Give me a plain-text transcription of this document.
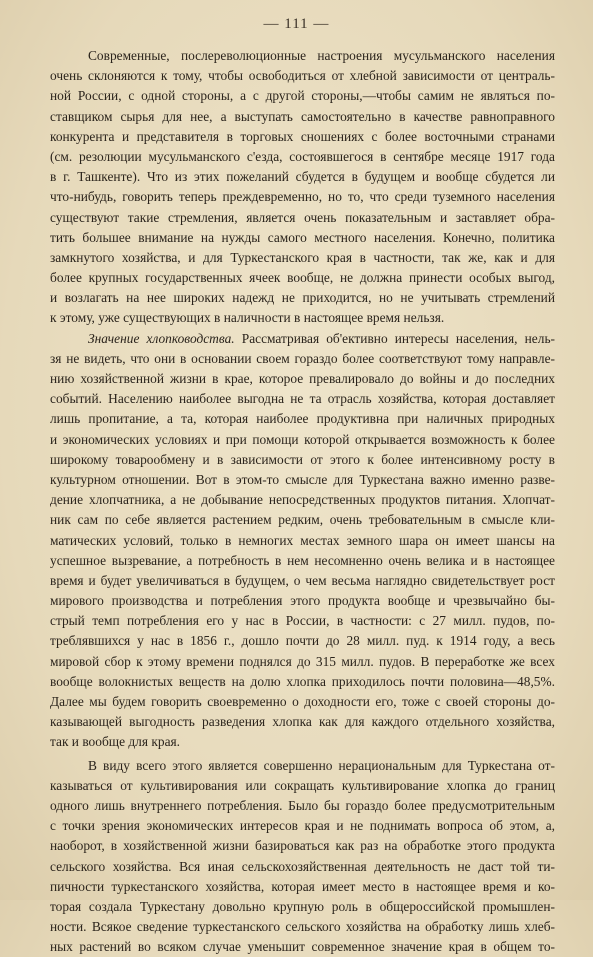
— 111 —
Современные, послереволюционные настроения мусульманского населения
очень склоняются к тому, чтобы освободиться от хлебной зависимости от централь-
ной России, с одной стороны, а с другой стороны,—чтобы самим не являться по-
ставщиком сырья для нее, а выступать самостоятельно в качестве равноправного
конкурента и представителя в торговых сношениях с более восточными странами
(см. резолюции мусульманского с'езда, состоявшегося в сентябре месяце 1917 года
в г. Ташкенте). Что из этих пожеланий сбудется в будущем и вообще сбудется ли
что-нибудь, говорить теперь преждевременно, но то, что среди туземного населения
существуют такие стремления, является очень показательным и заставляет обра-
тить большее внимание на нужды самого местного населения. Конечно, политика
замкнутого хозяйства, и для Туркестанского края в частности, так же, как и для
более крупных государственных ячеек вообще, не должна принести особых выгод,
и возлагать на нее широких надежд не приходится, но не учитывать стремлений
к этому, уже существующих в наличности в настоящее время нельзя.
Значение хлопководства. Рассматривая об'ективно интересы населения, нель-
зя не видеть, что они в основании своем гораздо более соответствуют тому направле-
нию хозяйственной жизни в крае, которое превалировало до войны и до последних
событий. Населению наиболее выгодна не та отрасль хозяйства, которая доставляет
лишь пропитание, а та, которая наиболее продуктивна при наличных природных
и экономических условиях и при помощи которой открывается возможность к более
широкому товарообмену и в зависимости от этого к более интенсивному росту в
культурном отношении. Вот в этом-то смысле для Туркестана важно именно разве-
дение хлопчатника, а не добывание непосредственных продуктов питания. Хлопчат-
ник сам по себе является растением редким, очень требовательным в смысле кли-
матических условий, только в немногих местах земного шара он имеет шансы на
успешное вызревание, а потребность в нем несомненно очень велика и в настоящее
время и будет увеличиваться в будущем, о чем весьма наглядно свидетельствует рост
мирового производства и потребления этого продукта вообще и чрезвычайно бы-
стрый темп потребления его у нас в России, в частности: с 27 милл. пудов, по-
треблявшихся у нас в 1856 г., дошло почти до 28 милл. пуд. к 1914 году, а весь
мировой сбор к этому времени поднялся до 315 милл. пудов. В переработке же всех
вообще волокнистых веществ на долю хлопка приходилось почти половина—48,5%.
Далее мы будем говорить своевременно о доходности его, тоже с своей стороны до-
казывающей выгодность разведения хлопка как для каждого отдельного хозяйства,
так и вообще для края.
В виду всего этого является совершенно нерациональным для Туркестана от-
казываться от культивирования или сокращать культивирование хлопка до границ
одного лишь внутреннего потребления. Было бы гораздо более предусмотрительным
с точки зрения экономических интересов края и не поднимать вопроса об этом, а,
наоборот, в хозяйственной жизни базироваться как раз на обработке этого продукта
сельского хозяйства. Вся иная сельскохозяйственная деятельность не даст той ти-
пичности туркестанского хозяйства, которая имеет место в настоящее время и ко-
торая создала Туркестану довольно крупную роль в общероссийской промышлен-
ности. Всякое сведение туркестанского сельского хозяйства на обработку лишь хлеб-
ных растений во всяком случае уменьшит современное значение края в общем то-
